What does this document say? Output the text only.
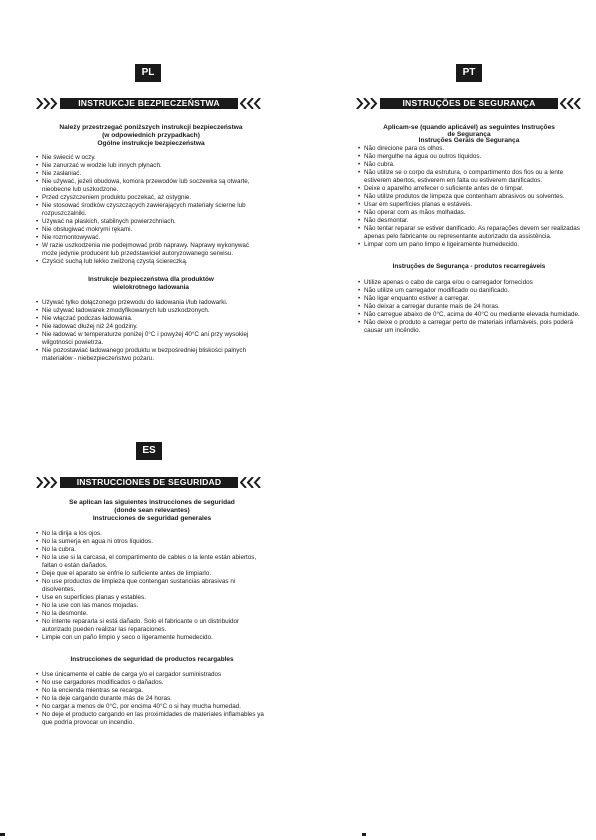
PL
INSTRUKCJE BEZPIECZEŃSTWA
Należy przestrzegać poniższych instrukcji bezpieczeństwa
(w odpowiednich przypadkach)
Ogólne instrukcje bezpieczeństwa
• Nie świecić w oczy.
• Nie zanurzać w wodzie lub innych płynach.
• Nie zasłaniać.
• Nie używać, jeżeli obudowa, komora przewodów lub soczewka są otwarte, nieobecne lub uszkodzone.
• Przed czyszczeniem produktu poczekać, aż ostygnie.
• Nie stosować środków czyszczących zawierających materiały ścierne lub rozpuszczalniki.
• Używać na płaskich, stabilnych powierzchniach.
• Nie obsługiwać mokrymi rękami.
• Nie rozmontowywać.
• W razie uszkodzenia nie podejmować prób naprawy. Naprawy wykonywać może jedynie producent lub przedstawiciel autoryzowanego serwisu.
• Czyścić suchą lub lekko zwilżoną czystą ściereczką.
Instrukcje bezpieczeństwa dla produktów
wielokrotnego ładowania
• Używać tylko dołączonego przewodu do ładowania i/lub ładowarki.
• Nie używać ładowarek zmodyfikowanych lub uszkodzonych.
• Nie włączać podczas ładowania.
• Nie ładować dłużej niż 24 godziny.
• Nie ładować w temperaturze poniżej 0°C i powyżej 40°C ani przy wysokiej wilgotności powietrza.
• Nie pozostawiać ładowanego produktu w bezpośredniej bliskości palnych materiałów - niebezpieczeństwo pożaru.
PT
INSTRUÇÕES DE SEGURANÇA
Aplicam-se (quando aplicável) as seguintes Instruções
de Segurança
Instruções Gerais de Segurança
• Não direcione para os olhos.
• Não mergulhe na água ou outros líquidos.
• Não cubra.
• Não utilize se o corpo da estrutura, o compartimento dos fios ou a lente estiverem abertos, estiverem em falta ou estiverem danificados.
• Deixe o aparelho arrefecer o suficiente antes de o limpar.
• Não utilize produtos de limpeza que contenham abrasivos ou solventes.
• Usar em superfícies planas e estáveis.
• Não operar com as mãos molhadas.
• Não desmontar.
• Não tentar reparar se estiver danificado. As reparações devem ser realizadas apenas pelo fabricante ou representante autorizado da assistência.
• Limpar com um pano limpo e ligeiramente humedecido.
Instruções de Segurança - produtos recarregáveis
• Utilize apenas o cabo de carga e/ou o carregador fornecidos
• Não utilize um carregador modificado ou danificado.
• Não ligar enquanto estiver a carregar.
• Não deixar a carregar durante mais de 24 horas.
• Não carregue abaixo de 0°C, acima de 40°C ou mediante elevada humidade.
• Não deixe o produto a carregar perto de materiais inflamáveis, pois poderá causar um incêndio.
ES
INSTRUCCIONES DE SEGURIDAD
Se aplican las siguientes instrucciones de seguridad
(donde sean relevantes)
Instrucciones de seguridad generales
• No la dirija a los ojos.
• No la sumerja en agua ni otros líquidos.
• No la cubra.
• No la use si la carcasa, el compartimento de cables o la lente están abiertos, faltan o están dañados.
• Deje que el aparato se enfríe lo suficiente antes de limpiarlo.
• No use productos de limpieza que contengan sustancias abrasivas ni disolventes.
• Use en superficies planas y estables.
• No la use con las manos mojadas.
• No la desmonte.
• No intente repararla si está dañado. Solo el fabricante o un distribuidor autorizado pueden realizar las reparaciones.
• Limpie con un paño limpio y seco o ligeramente humedecido.
Instrucciones de seguridad de productos recargables
• Use únicamente el cable de carga y/o el cargador suministrados
• No use cargadores modificados o dañados.
• No la encienda mientras se recarga.
• No la deje cargando durante más de 24 horas.
• No cargar a menos de 0°C, por encima 40°C o si hay mucha humedad.
• No deje el producto cargando en las proximidades de materiales inflamables ya que podría provocar un incendio.
